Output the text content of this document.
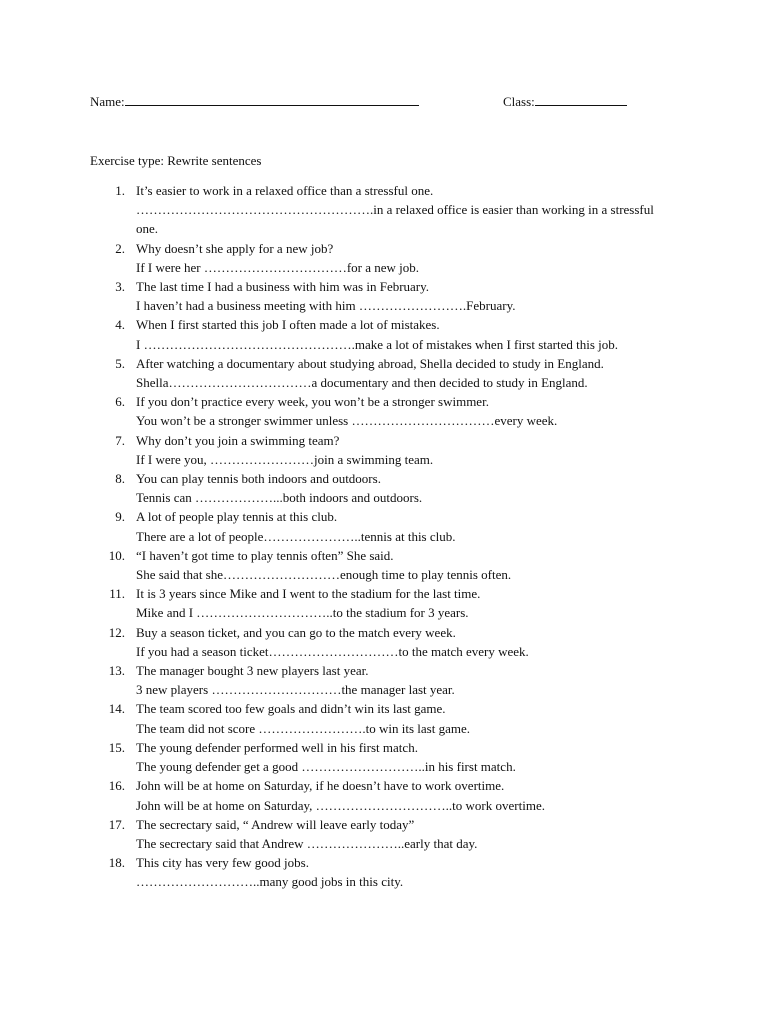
Name:	Class:
Exercise type: Rewrite sentences
1. It’s easier to work in a relaxed office than a stressful one.
……………………………………………….in a relaxed office is easier than working in a stressful one.
2. Why doesn’t she apply for a new job?
If I were her ……………………………for a new job.
3. The last time I had a business with him was in February.
I haven’t had a business meeting with him …………………….February.
4. When I first started this job I often made a lot of mistakes.
I ………………………………………….make a lot of mistakes when I first started this job.
5. After watching a documentary about studying abroad, Shella decided to study in England.
Shella……………………………a documentary and then decided to study in England.
6. If you don’t practice every week, you won’t be a stronger swimmer.
You won’t be a stronger swimmer unless ……………………………every week.
7. Why don’t you join a swimming team?
If I were you, ……………………join a swimming team.
8. You can play tennis both indoors and outdoors.
Tennis can ………………...both indoors and outdoors.
9. A lot of people play tennis at this club.
There are a lot of people…………………..tennis at this club.
10. “I haven’t got time to play tennis often” She said.
She said that she………………………enough time to play tennis often.
11. It is 3 years since Mike and I went to the stadium for the last time.
Mike and I …………………………..to the stadium for 3 years.
12. Buy a season ticket, and you can go to the match every week.
If you had a season ticket…………………………to the match every week.
13. The manager bought 3 new players last year.
3 new players …………………………the manager last year.
14. The team scored too few goals and didn’t win its last game.
The team did not score …………………….to win its last game.
15. The young defender performed well in his first match.
The young defender get a good ………………………..in his first match.
16. John will be at home on Saturday, if he doesn’t have to work overtime.
John will be at home on Saturday, …………………………..to work overtime.
17. The secrectary said, “ Andrew will leave early today”
The secrectary said that Andrew …………………..early that day.
18. This city has very few good jobs.
………………………..many good jobs in this city.
